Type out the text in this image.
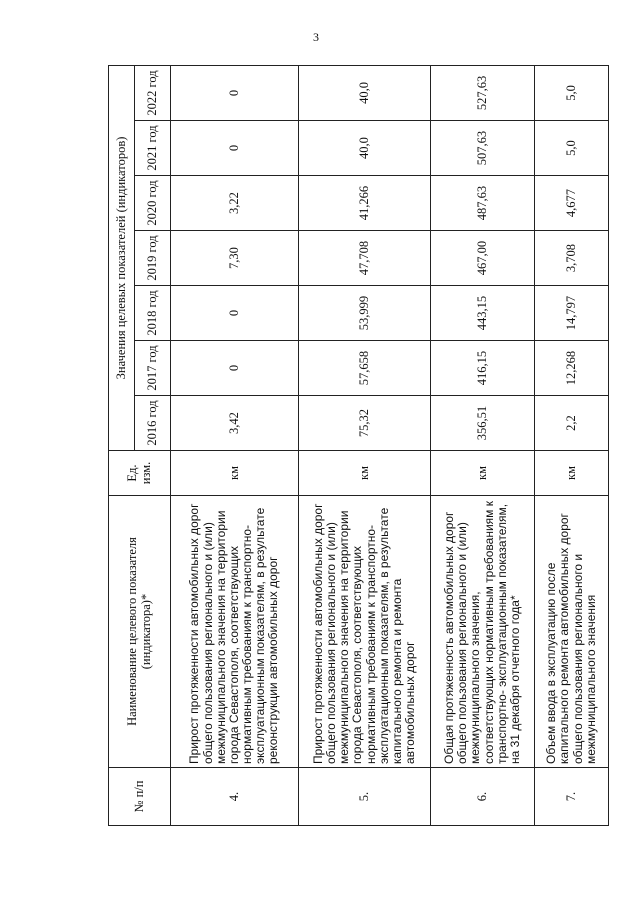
3
№ п/п	Наименование целевого показателя (индикатора)*	Ед. изм.	Значения целевых показателей (индикаторов)						
			2016 год	2017 год	2018 год	2019 год	2020 год	2021 год	2022 год
4.	Прирост протяженности автомобильных дорог общего пользования регионального и (или) межмуниципального значения на территории города Севастополя, соответствующих нормативным требованиям к транспортно-эксплуатационным показателям, в результате реконструкции автомобильных дорог	км	3,42	0	0	7,30	3,22	0	0
5.	Прирост протяженности автомобильных дорог общего пользования регионального и (или) межмуниципального значения на территории города Севастополя, соответствующих нормативным требованиям к транспортно-эксплуатационным показателям, в результате капитального ремонта и ремонта автомобильных дорог	км	75,32	57,658	53,999	47,708	41,266	40,0	40,0
6.	Общая протяженность автомобильных дорог общего пользования регионального и (или) межмуниципального значения, соответствующих нормативным требованиям к транспортно- эксплуатационным показателям, на 31 декабря отчетного года*	км	356,51	416,15	443,15	467,00	487,63	507,63	527,63
7.	Объем ввода в эксплуатацию после капитального ремонта автомобильных дорог общего пользования регионального и межмуниципального значения	км	2,2	12,268	14,797	3,708	4,677	5,0	5,0
